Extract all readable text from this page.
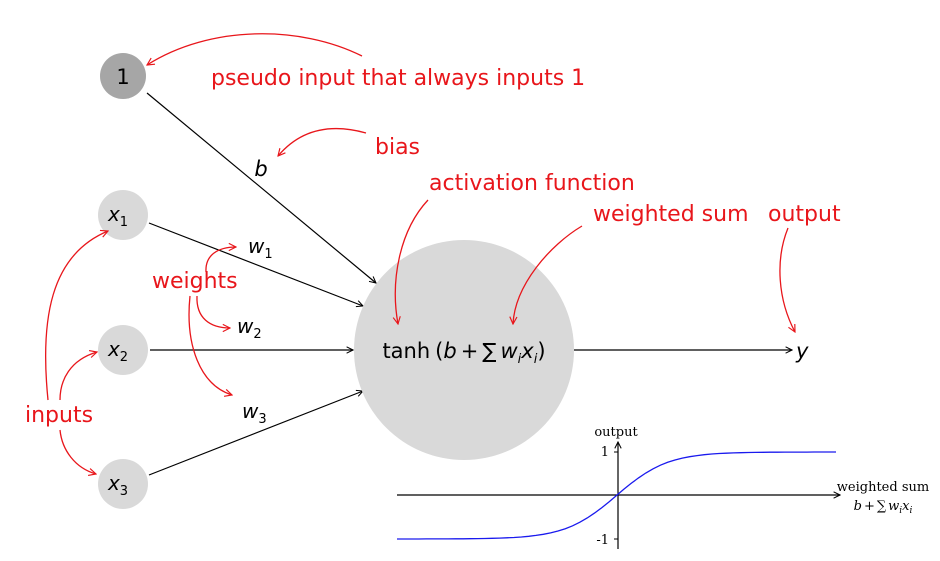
1
$x_1$
$x_2$
$x_3$
y
tanh (b + ∑ $w_ix_i$)
b
$w_1$
$w_2$
$w_3$
pseudo input that always inputs 1
bias
activation function
weighted sum output
weights
inputs
1
-1
output
weighted sum
b + ∑ $w_ix_i$
